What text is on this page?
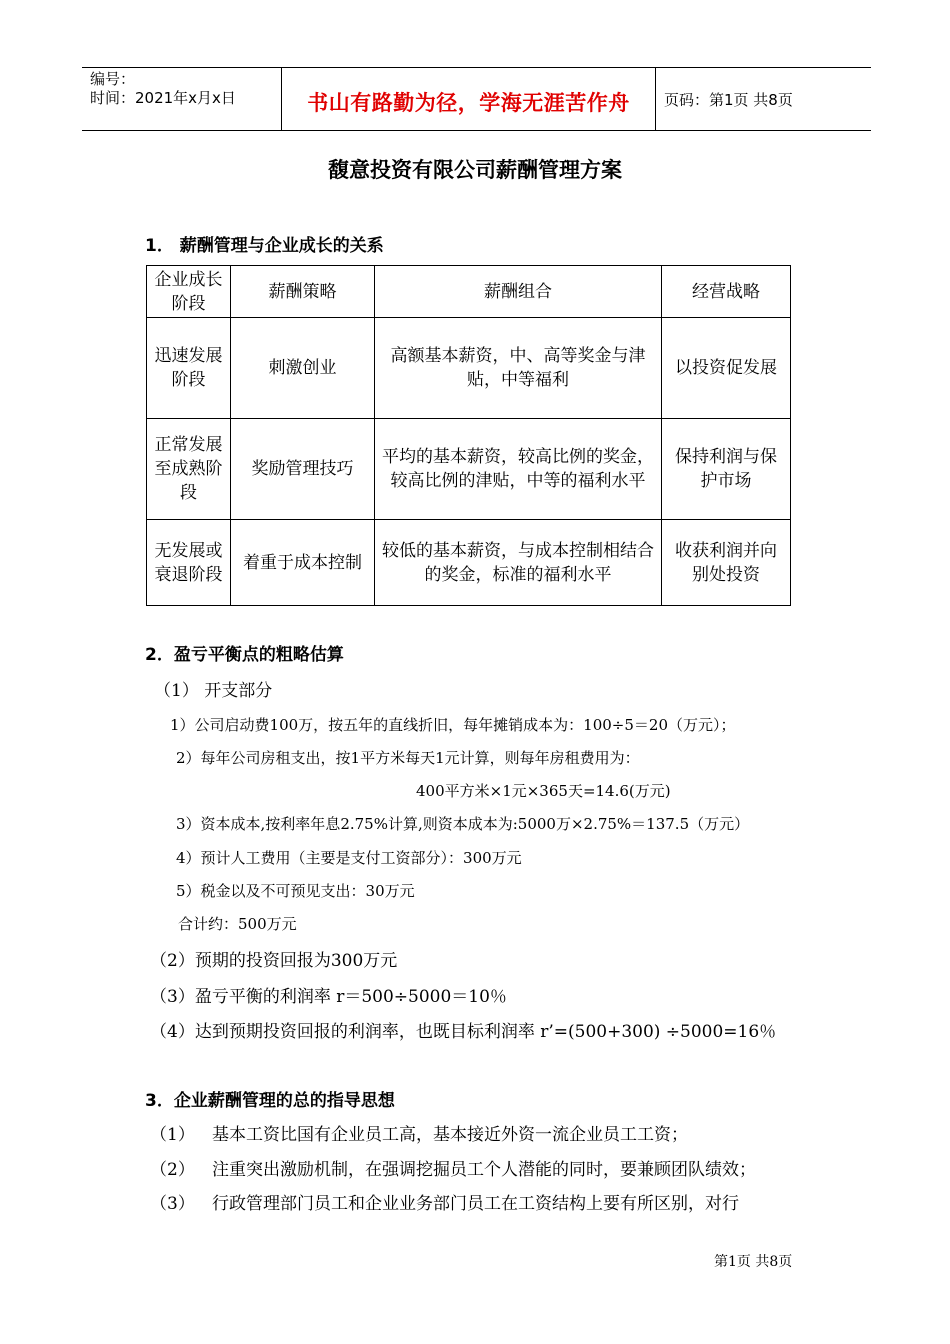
编号：
时间：2021年x月x日	书山有路勤为径，学海无涯苦作舟	页码：第1页 共8页
馥意投资有限公司薪酬管理方案
1． 薪酬管理与企业成长的关系
企业成长阶段	薪酬策略	薪酬组合	经营战略
迅速发展阶段	刺激创业	高额基本薪资，中、高等奖金与津贴，中等福利	以投资促发展
正常发展至成熟阶段	奖励管理技巧	平均的基本薪资，较高比例的奖金，较高比例的津贴，中等的福利水平	保持利润与保护市场
无发展或衰退阶段	着重于成本控制	较低的基本薪资，与成本控制相结合的奖金，标准的福利水平	收获利润并向别处投资
2．盈亏平衡点的粗略估算
（1） 开支部分
1）公司启动费100万，按五年的直线折旧，每年摊销成本为：100÷5＝20（万元）；
2）每年公司房租支出，按1平方米每天1元计算，则每年房租费用为：
400平方米×1元×365天=14.6(万元)
3）资本成本,按利率年息2.75%计算,则资本成本为:5000万×2.75%＝137.5（万元）
4）预计人工费用（主要是支付工资部分）：300万元
5）税金以及不可预见支出：30万元
合计约：500万元
（2）预期的投资回报为300万元
（3）盈亏平衡的利润率 r＝500÷5000＝10％
（4）达到预期投资回报的利润率，也既目标利润率 r’=(500+300) ÷5000=16％
3．企业薪酬管理的总的指导思想
（1） 基本工资比国有企业员工高，基本接近外资一流企业员工工资；
（2） 注重突出激励机制，在强调挖掘员工个人潜能的同时，要兼顾团队绩效；
（3） 行政管理部门员工和企业业务部门员工在工资结构上要有所区别，对行
第1页 共8页
